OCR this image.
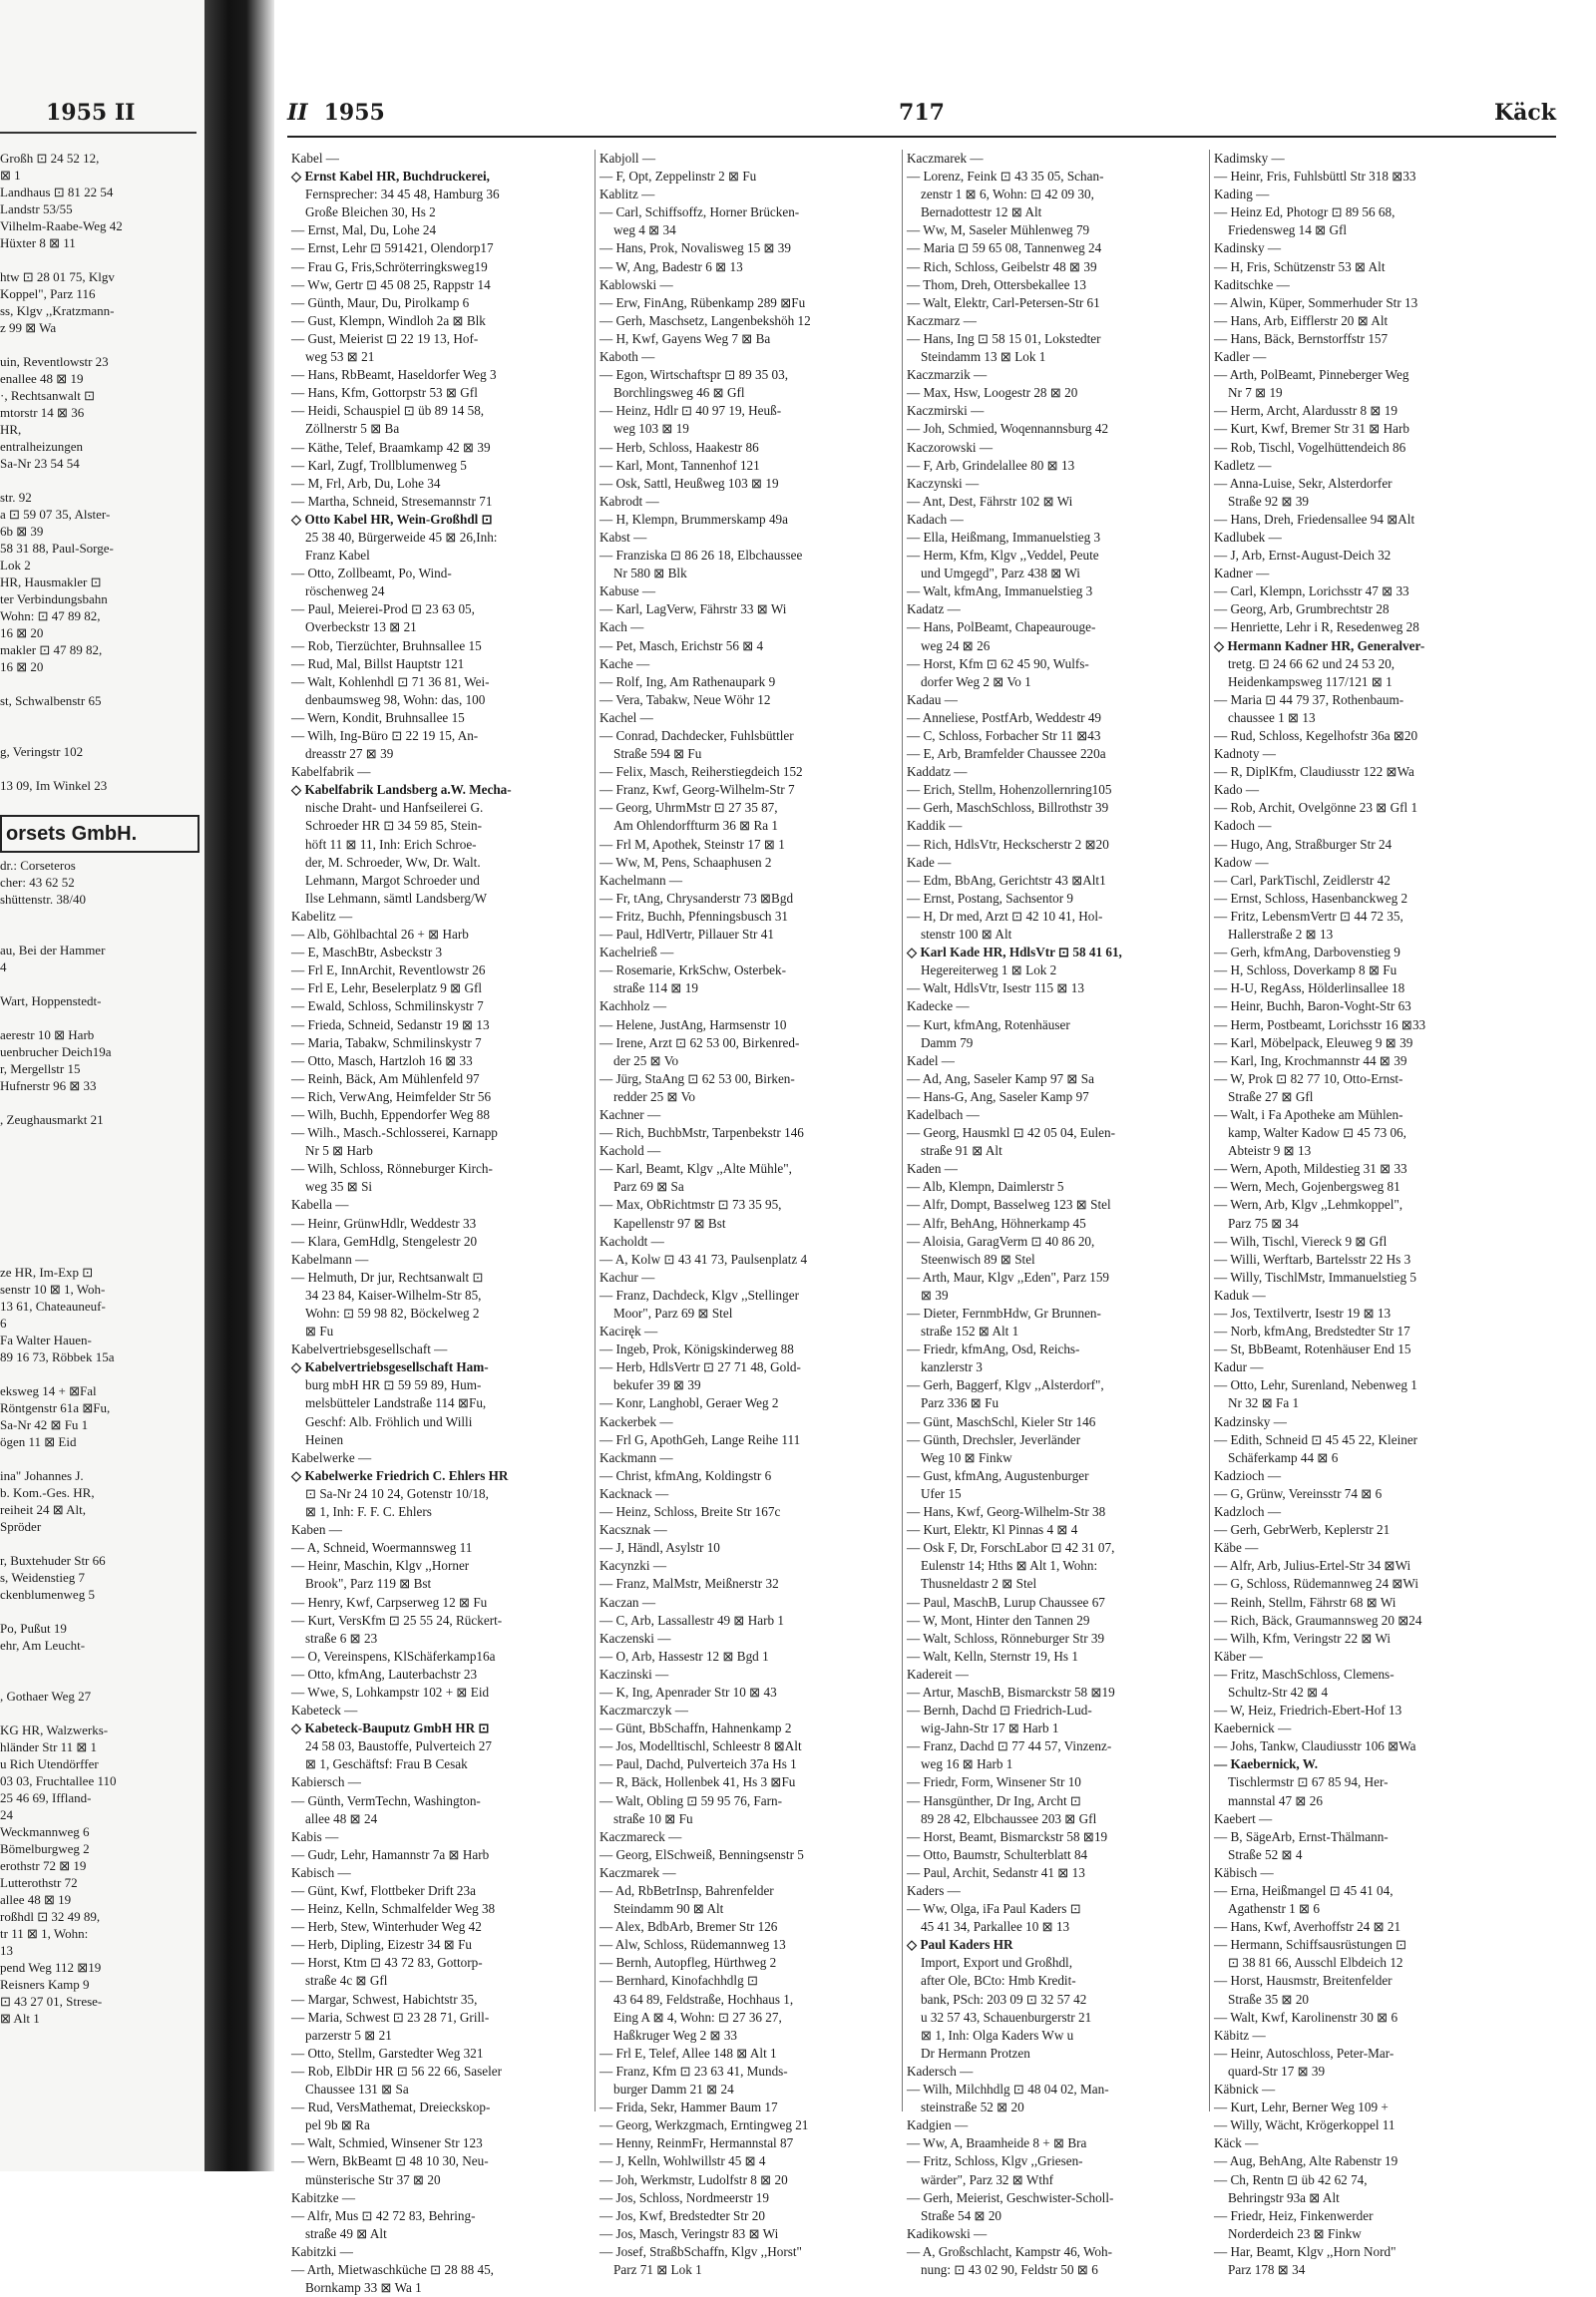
1955 II
Großh ⊡ 24 52 12,
⊠ 1
Landhaus ⊡ 81 22 54
Landstr 53/55
Vilhelm-Raabe-Weg 42
Hüxter 8 ⊠ 11
htw ⊡ 28 01 75, Klgv
Koppel", Parz 116
ss, Klgv ,,Kratzmann-
z 99 ⊠ Wa
uin, Reventlowstr 23
enallee 48 ⊠ 19
·, Rechtsanwalt ⊡
mtorstr 14 ⊠ 36
HR,
entralheizungen
Sa-Nr 23 54 54
str. 92
a ⊡ 59 07 35, Alster-
6b ⊠ 39
58 31 88, Paul-Sorge-
Lok 2
HR, Hausmakler ⊡
ter Verbindungsbahn
Wohn: ⊡ 47 89 82,
16 ⊠ 20
makler ⊡ 47 89 82,
16 ⊠ 20
st, Schwalbenstr 65
g, Veringstr 102
13 09, Im Winkel 23
orsets GmbH.
dr.: Corseteros
cher: 43 62 52
shüttenstr. 38/40
au, Bei der Hammer
4
Wart, Hoppenstedt-
aerestr 10 ⊠ Harb
uenbrucher Deich19a
r, Mergellstr 15
Hufnerstr 96 ⊠ 33
, Zeughausmarkt 21
ze HR, Im-Exp ⊡
senstr 10 ⊠ 1, Woh-
13 61, Chateauneuf-
6
Fa Walter Hauen-
89 16 73, Röbbek 15a
eksweg 14 + ⊠Fal
Röntgenstr 61a ⊠Fu,
Sa-Nr 42 ⊠ Fu 1
ögen 11 ⊠ Eid
ina" Johannes J.
b. Kom.-Ges. HR,
reiheit 24 ⊠ Alt,
Spröder
r, Buxtehuder Str 66
s, Weidenstieg 7
ckenblumenweg 5
Po, Pußut 19
ehr, Am Leucht-
, Gothaer Weg 27
KG HR, Walzwerks-
hländer Str 11 ⊠ 1
u Rich Utendörffer
03 03, Fruchtallee 110
25 46 69, Iffland-
24
Weckmannweg 6
Bömelburgweg 2
erothstr 72 ⊠ 19
Lutterothstr 72
allee 48 ⊠ 19
roßhdl ⊡ 32 49 89,
tr 11 ⊠ 1, Wohn:
13
pend Weg 112 ⊠19
Reisners Kamp 9
⊡ 43 27 01, Strese-
⊠ Alt 1
II 1955	717	Käck
Kabel —
◇ Ernst Kabel HR, Buchdruckerei,
Fernsprecher: 34 45 48, Hamburg 36
Große Bleichen 30, Hs 2
— Ernst, Mal, Du, Lohe 24
— Ernst, Lehr ⊡ 591421, Olendorp17
— Frau G, Fris,Schröterringksweg19
— Ww, Gertr ⊡ 45 08 25, Rappstr 14
— Günth, Maur, Du, Pirolkamp 6
— Gust, Klempn, Windloh 2a ⊠ Blk
— Gust, Meierist ⊡ 22 19 13, Hof-
weg 53 ⊠ 21
— Hans, RbBeamt, Haseldorfer Weg 3
— Hans, Kfm, Gottorpstr 53 ⊠ Gfl
— Heidi, Schauspiel ⊡ üb 89 14 58,
Zöllnerstr 5 ⊠ Ba
— Käthe, Telef, Braamkamp 42 ⊠ 39
— Karl, Zugf, Trollblumenweg 5
— M, Frl, Arb, Du, Lohe 34
— Martha, Schneid, Stresemannstr 71
◇ Otto Kabel HR, Wein-Großhdl ⊡
25 38 40, Bürgerweide 45 ⊠ 26,Inh:
Franz Kabel
— Otto, Zollbeamt, Po, Wind-
röschenweg 24
— Paul, Meierei-Prod ⊡ 23 63 05,
Overbeckstr 13 ⊠ 21
— Rob, Tierzüchter, Bruhnsallee 15
— Rud, Mal, Billst Hauptstr 121
— Walt, Kohlenhdl ⊡ 71 36 81, Wei-
denbaumsweg 98, Wohn: das, 100
— Wern, Kondit, Bruhnsallee 15
— Wilh, Ing-Büro ⊡ 22 19 15, An-
dreasstr 27 ⊠ 39
Kabelfabrik —
◇ Kabelfabrik Landsberg a.W. Mecha-
nische Draht- und Hanfseilerei G.
Schroeder HR ⊡ 34 59 85, Stein-
höft 11 ⊠ 11, Inh: Erich Schroe-
der, M. Schroeder, Ww, Dr. Walt.
Lehmann, Margot Schroeder und
Ilse Lehmann, sämtl Landsberg/W
Kabelitz —
— Alb, Göhlbachtal 26 + ⊠ Harb
— E, MaschBtr, Asbeckstr 3
— Frl E, InnArchit, Reventlowstr 26
— Frl E, Lehr, Beselerplatz 9 ⊠ Gfl
— Ewald, Schloss, Schmilinskystr 7
— Frieda, Schneid, Sedanstr 19 ⊠ 13
— Maria, Tabakw, Schmilinskystr 7
— Otto, Masch, Hartzloh 16 ⊠ 33
— Reinh, Bäck, Am Mühlenfeld 97
— Rich, VerwAng, Heimfelder Str 56
— Wilh, Buchh, Eppendorfer Weg 88
— Wilh., Masch.-Schlosserei, Karnapp
Nr 5 ⊠ Harb
— Wilh, Schloss, Rönneburger Kirch-
weg 35 ⊠ Si
Kabella —
— Heinr, GrünwHdlr, Weddestr 33
— Klara, GemHdlg, Stengelestr 20
Kabelmann —
— Helmuth, Dr jur, Rechtsanwalt ⊡
34 23 84, Kaiser-Wilhelm-Str 85,
Wohn: ⊡ 59 98 82, Böckelweg 2
⊠ Fu
Kabelvertriebsgesellschaft —
◇ Kabelvertriebsgesellschaft Ham-
burg mbH HR ⊡ 59 59 89, Hum-
melsbütteler Landstraße 114 ⊠Fu,
Geschf: Alb. Fröhlich und Willi
Heinen
Kabelwerke —
◇ Kabelwerke Friedrich C. Ehlers HR
⊡ Sa-Nr 24 10 24, Gotenstr 10/18,
⊠ 1, Inh: F. F. C. Ehlers
Kaben —
— A, Schneid, Woermannsweg 11
— Heinr, Maschin, Klgv ,,Horner
Brook", Parz 119 ⊠ Bst
— Henry, Kwf, Carpserweg 12 ⊠ Fu
— Kurt, VersKfm ⊡ 25 55 24, Rückert-
straße 6 ⊠ 23
— O, Vereinspens, KlSchäferkamp16a
— Otto, kfmAng, Lauterbachstr 23
— Wwe, S, Lohkampstr 102 + ⊠ Eid
Kabeteck —
◇ Kabeteck-Bauputz GmbH HR ⊡
24 58 03, Baustoffe, Pulverteich 27
⊠ 1, Geschäftsf: Frau B Cesak
Kabiersch —
— Günth, VermTechn, Washington-
allee 48 ⊠ 24
Kabis —
— Gudr, Lehr, Hamannstr 7a ⊠ Harb
Kabisch —
— Günt, Kwf, Flottbeker Drift 23a
— Heinz, Kelln, Schmalfelder Weg 38
— Herb, Stew, Winterhuder Weg 42
— Herb, Dipling, Eizestr 34 ⊠ Fu
— Horst, Ktm ⊡ 43 72 83, Gottorp-
straße 4c ⊠ Gfl
— Margar, Schwest, Habichtstr 35,
— Maria, Schwest ⊡ 23 28 71, Grill-
parzerstr 5 ⊠ 21
— Otto, Stellm, Garstedter Weg 321
— Rob, ElbDir HR ⊡ 56 22 66, Saseler
Chaussee 131 ⊠ Sa
— Rud, VersMathemat, Dreieckskop-
pel 9b ⊠ Ra
— Walt, Schmied, Winsener Str 123
— Wern, BkBeamt ⊡ 48 10 30, Neu-
münsterische Str 37 ⊠ 20
Kabitzke —
— Alfr, Mus ⊡ 42 72 83, Behring-
straße 49 ⊠ Alt
Kabitzki —
— Arth, Mietwaschküche ⊡ 28 88 45,
Bornkamp 33 ⊠ Wa 1
Kabjoll —
— F, Opt, Zeppelinstr 2 ⊠ Fu
Kablitz —
— Carl, Schiffsoffz, Horner Brücken-
weg 4 ⊠ 34
— Hans, Prok, Novalisweg 15 ⊠ 39
— W, Ang, Badestr 6 ⊠ 13
Kablowski —
— Erw, FinAng, Rübenkamp 289 ⊠Fu
— Gerh, Maschsetz, Langenbekshöh 12
— H, Kwf, Gayens Weg 7 ⊠ Ba
Kaboth —
— Egon, Wirtschaftspr ⊡ 89 35 03,
Borchlingsweg 46 ⊠ Gfl
— Heinz, Hdlr ⊡ 40 97 19, Heuß-
weg 103 ⊠ 19
— Herb, Schloss, Haakestr 86
— Karl, Mont, Tannenhof 121
— Osk, Sattl, Heußweg 103 ⊠ 19
Kabrodt —
— H, Klempn, Brummerskamp 49a
Kabst —
— Franziska ⊡ 86 26 18, Elbchaussee
Nr 580 ⊠ Blk
Kabuse —
— Karl, LagVerw, Fährstr 33 ⊠ Wi
Kach —
— Pet, Masch, Erichstr 56 ⊠ 4
Kache —
— Rolf, Ing, Am Rathenaupark 9
— Vera, Tabakw, Neue Wöhr 12
Kachel —
— Conrad, Dachdecker, Fuhlsbüttler
Straße 594 ⊠ Fu
— Felix, Masch, Reiherstiegdeich 152
— Franz, Kwf, Georg-Wilhelm-Str 7
— Georg, UhrmMstr ⊡ 27 35 87,
Am Ohlendorffturm 36 ⊠ Ra 1
— Frl M, Apothek, Steinstr 17 ⊠ 1
— Ww, M, Pens, Schaaphusen 2
Kachelmann —
— Fr, tAng, Chrysanderstr 73 ⊠Bgd
— Fritz, Buchh, Pfenningsbusch 31
— Paul, HdlVertr, Pillauer Str 41
Kachelrieß —
— Rosemarie, KrkSchw, Osterbek-
straße 114 ⊠ 19
Kachholz —
— Helene, JustAng, Harmsenstr 10
— Irene, Arzt ⊡ 62 53 00, Birkenred-
der 25 ⊠ Vo
— Jürg, StaAng ⊡ 62 53 00, Birken-
redder 25 ⊠ Vo
Kachner —
— Rich, BuchbMstr, Tarpenbekstr 146
Kachold —
— Karl, Beamt, Klgv ,,Alte Mühle",
Parz 69 ⊠ Sa
— Max, ObRichtmstr ⊡ 73 35 95,
Kapellenstr 97 ⊠ Bst
Kacholdt —
— A, Kolw ⊡ 43 41 73, Paulsenplatz 4
Kachur —
— Franz, Dachdeck, Klgv ,,Stellinger
Moor", Parz 69 ⊠ Stel
Kaciręk —
— Ingeb, Prok, Königskinderweg 88
— Herb, HdlsVertr ⊡ 27 71 48, Gold-
bekufer 39 ⊠ 39
— Konr, Langhobl, Geraer Weg 2
Kackerbek —
— Frl G, ApothGeh, Lange Reihe 111
Kackmann —
— Christ, kfmAng, Koldingstr 6
Kacknack —
— Heinz, Schloss, Breite Str 167c
Kacsznak —
— J, Händl, Asylstr 10
Kacynzki —
— Franz, MalMstr, Meißnerstr 32
Kaczan —
— C, Arb, Lassallestr 49 ⊠ Harb 1
Kaczenski —
— O, Arb, Hassestr 12 ⊠ Bgd 1
Kaczinski —
— K, Ing, Apenrader Str 10 ⊠ 43
Kaczmarczyk —
— Günt, BbSchaffn, Hahnenkamp 2
— Jos, Modelltischl, Schleestr 8 ⊠Alt
— Paul, Dachd, Pulverteich 37a Hs 1
— R, Bäck, Hollenbek 41, Hs 3 ⊠Fu
— Walt, Obling ⊡ 59 95 76, Farn-
straße 10 ⊠ Fu
Kaczmareck —
— Georg, ElSchweiß, Benningsenstr 5
Kaczmarek —
— Ad, RbBetrInsp, Bahrenfelder
Steindamm 90 ⊠ Alt
— Alex, BdbArb, Bremer Str 126
— Alw, Schloss, Rüdemannweg 13
— Bernh, Autopfleg, Hürthweg 2
— Bernhard, Kinofachhdlg ⊡
43 64 89, Feldstraße, Hochhaus 1,
Eing A ⊠ 4, Wohn: ⊡ 27 36 27,
Haßkruger Weg 2 ⊠ 33
— Frl E, Telef, Allee 148 ⊠ Alt 1
— Franz, Kfm ⊡ 23 63 41, Munds-
burger Damm 21 ⊠ 24
— Frida, Sekr, Hammer Baum 17
— Georg, Werkzgmach, Erntingweg 21
— Henny, ReinmFr, Hermannstal 87
— J, Kelln, Wohlwillstr 45 ⊠ 4
— Joh, Werkmstr, Ludolfstr 8 ⊠ 20
— Jos, Schloss, Nordmeerstr 19
— Jos, Kwf, Bredstedter Str 20
— Jos, Masch, Veringstr 83 ⊠ Wi
— Josef, StraßbSchaffn, Klgv ,,Horst"
Parz 71 ⊠ Lok 1
Kaczmarek —
— Lorenz, Feink ⊡ 43 35 05, Schan-
zenstr 1 ⊠ 6, Wohn: ⊡ 42 09 30,
Bernadottestr 12 ⊠ Alt
— Ww, M, Saseler Mühlenweg 79
— Maria ⊡ 59 65 08, Tannenweg 24
— Rich, Schloss, Geibelstr 48 ⊠ 39
— Thom, Dreh, Ottersbekallee 13
— Walt, Elektr, Carl-Petersen-Str 61
Kaczmarz —
— Hans, Ing ⊡ 58 15 01, Lokstedter
Steindamm 13 ⊠ Lok 1
Kaczmarzik —
— Max, Hsw, Loogestr 28 ⊠ 20
Kaczmirski —
— Joh, Schmied, Woqennannsburg 42
Kaczorowski —
— F, Arb, Grindelallee 80 ⊠ 13
Kaczynski —
— Ant, Dest, Fährstr 102 ⊠ Wi
Kadach —
— Ella, Heißmang, Immanuelstieg 3
— Herm, Kfm, Klgv ,,Veddel, Peute
und Umgegd", Parz 438 ⊠ Wi
— Walt, kfmAng, Immanuelstieg 3
Kadatz —
— Hans, PolBeamt, Chapeaurouge-
weg 24 ⊠ 26
— Horst, Kfm ⊡ 62 45 90, Wulfs-
dorfer Weg 2 ⊠ Vo 1
Kadau —
— Anneliese, PostfArb, Weddestr 49
— C, Schloss, Forbacher Str 11 ⊠43
— E, Arb, Bramfelder Chaussee 220a
Kaddatz —
— Erich, Stellm, Hohenzollernring105
— Gerh, MaschSchloss, Billrothstr 39
Kaddik —
— Rich, HdlsVtr, Heckscherstr 2 ⊠20
Kade —
— Edm, BbAng, Gerichtstr 43 ⊠Alt1
— Ernst, Postang, Sachsentor 9
— H, Dr med, Arzt ⊡ 42 10 41, Hol-
stenstr 100 ⊠ Alt
◇ Karl Kade HR, HdlsVtr ⊡ 58 41 61,
Hegereiterweg 1 ⊠ Lok 2
— Walt, HdlsVtr, Isestr 115 ⊠ 13
Kadecke —
— Kurt, kfmAng, Rotenhäuser
Damm 79
Kadel —
— Ad, Ang, Saseler Kamp 97 ⊠ Sa
— Hans-G, Ang, Saseler Kamp 97
Kadelbach —
— Georg, Hausmkl ⊡ 42 05 04, Eulen-
straße 91 ⊠ Alt
Kaden —
— Alb, Klempn, Daimlerstr 5
— Alfr, Dompt, Basselweg 123 ⊠ Stel
— Alfr, BehAng, Höhnerkamp 45
— Aloisia, GaragVerm ⊡ 40 86 20,
Steenwisch 89 ⊠ Stel
— Arth, Maur, Klgv ,,Eden", Parz 159
⊠ 39
— Dieter, FernmbHdw, Gr Brunnen-
straße 152 ⊠ Alt 1
— Friedr, kfmAng, Osd, Reichs-
kanzlerstr 3
— Gerh, Baggerf, Klgv ,,Alsterdorf",
Parz 336 ⊠ Fu
— Günt, MaschSchl, Kieler Str 146
— Günth, Drechsler, Jeverländer
Weg 10 ⊠ Finkw
— Gust, kfmAng, Augustenburger
Ufer 15
— Hans, Kwf, Georg-Wilhelm-Str 38
— Kurt, Elektr, Kl Pinnas 4 ⊠ 4
— Osk F, Dr, ForschLabor ⊡ 42 31 07,
Eulenstr 14; Hths ⊠ Alt 1, Wohn:
Thusneldastr 2 ⊠ Stel
— Paul, MaschB, Lurup Chaussee 67
— W, Mont, Hinter den Tannen 29
— Walt, Schloss, Rönneburger Str 39
— Walt, Kelln, Sternstr 19, Hs 1
Kadereit —
— Artur, MaschB, Bismarckstr 58 ⊠19
— Bernh, Dachd ⊡ Friedrich-Lud-
wig-Jahn-Str 17 ⊠ Harb 1
— Franz, Dachd ⊡ 77 44 57, Vinzenz-
weg 16 ⊠ Harb 1
— Friedr, Form, Winsener Str 10
— Hansgünther, Dr Ing, Archt ⊡
89 28 42, Elbchaussee 203 ⊠ Gfl
— Horst, Beamt, Bismarckstr 58 ⊠19
— Otto, Baumstr, Schulterblatt 84
— Paul, Archit, Sedanstr 41 ⊠ 13
Kaders —
— Ww, Olga, iFa Paul Kaders ⊡
45 41 34, Parkallee 10 ⊠ 13
◇ Paul Kaders HR
Import, Export und Großhdl,
after Ole, BCto: Hmb Kredit-
bank, PSch: 203 09 ⊡ 32 57 42
u 32 57 43, Schauenburgerstr 21
⊠ 1, Inh: Olga Kaders Ww u
Dr Hermann Protzen
Kadersch —
— Wilh, Milchhdlg ⊡ 48 04 02, Man-
steinstraße 52 ⊠ 20
Kadgien —
— Ww, A, Braamheide 8 + ⊠ Bra
— Fritz, Schloss, Klgv ,,Griesen-
wärder", Parz 32 ⊠ Wthf
— Gerh, Meierist, Geschwister-Scholl-
Straße 54 ⊠ 20
Kadikowski —
— A, Großschlacht, Kampstr 46, Woh-
nung: ⊡ 43 02 90, Feldstr 50 ⊠ 6
Kadimsky —
— Heinr, Fris, Fuhlsbüttl Str 318 ⊠33
Kading —
— Heinz Ed, Photogr ⊡ 89 56 68,
Friedensweg 14 ⊠ Gfl
Kadinsky —
— H, Fris, Schützenstr 53 ⊠ Alt
Kaditschke —
— Alwin, Küper, Sommerhuder Str 13
— Hans, Arb, Eifflerstr 20 ⊠ Alt
— Hans, Bäck, Bernstorffstr 157
Kadler —
— Arth, PolBeamt, Pinneberger Weg
Nr 7 ⊠ 19
— Herm, Archt, Alardusstr 8 ⊠ 19
— Kurt, Kwf, Bremer Str 31 ⊠ Harb
— Rob, Tischl, Vogelhüttendeich 86
Kadletz —
— Anna-Luise, Sekr, Alsterdorfer
Straße 92 ⊠ 39
— Hans, Dreh, Friedensallee 94 ⊠Alt
Kadlubek —
— J, Arb, Ernst-August-Deich 32
Kadner —
— Carl, Klempn, Lorichsstr 47 ⊠ 33
— Georg, Arb, Grumbrechtstr 28
— Henriette, Lehr i R, Resedenweg 28
◇ Hermann Kadner HR, Generalver-
tretg. ⊡ 24 66 62 und 24 53 20,
Heidenkampsweg 117/121 ⊠ 1
— Maria ⊡ 44 79 37, Rothenbaum-
chaussee 1 ⊠ 13
— Rud, Schloss, Kegelhofstr 36a ⊠20
Kadnoty —
— R, DiplKfm, Claudiusstr 122 ⊠Wa
Kado —
— Rob, Archit, Ovelgönne 23 ⊠ Gfl 1
Kadoch —
— Hugo, Ang, Straßburger Str 24
Kadow —
— Carl, ParkTischl, Zeidlerstr 42
— Ernst, Schloss, Hasenbanckweg 2
— Fritz, LebensmVertr ⊡ 44 72 35,
Hallerstraße 2 ⊠ 13
— Gerh, kfmAng, Darbovenstieg 9
— H, Schloss, Doverkamp 8 ⊠ Fu
— H-U, RegAss, Hölderlinsallee 18
— Heinr, Buchh, Baron-Voght-Str 63
— Herm, Postbeamt, Lorichsstr 16 ⊠33
— Karl, Möbelpack, Eleuweg 9 ⊠ 39
— Karl, Ing, Krochmannstr 44 ⊠ 39
— W, Prok ⊡ 82 77 10, Otto-Ernst-
Straße 27 ⊠ Gfl
— Walt, i Fa Apotheke am Mühlen-
kamp, Walter Kadow ⊡ 45 73 06,
Abteistr 9 ⊠ 13
— Wern, Apoth, Mildestieg 31 ⊠ 33
— Wern, Mech, Gojenbergsweg 81
— Wern, Arb, Klgv ,,Lehmkoppel",
Parz 75 ⊠ 34
— Wilh, Tischl, Viereck 9 ⊠ Gfl
— Willi, Werftarb, Bartelsstr 22 Hs 3
— Willy, TischlMstr, Immanuelstieg 5
Kaduk —
— Jos, Textilvertr, Isestr 19 ⊠ 13
— Norb, kfmAng, Bredstedter Str 17
— St, BbBeamt, Rotenhäuser End 15
Kadur —
— Otto, Lehr, Surenland, Nebenweg 1
Nr 32 ⊠ Fa 1
Kadzinsky —
— Edith, Schneid ⊡ 45 45 22, Kleiner
Schäferkamp 44 ⊠ 6
Kadzioch —
— G, Grünw, Vereinsstr 74 ⊠ 6
Kadzloch —
— Gerh, GebrWerb, Keplerstr 21
Käbe —
— Alfr, Arb, Julius-Ertel-Str 34 ⊠Wi
— G, Schloss, Rüdemannweg 24 ⊠Wi
— Reinh, Stellm, Fährstr 68 ⊠ Wi
— Rich, Bäck, Graumannsweg 20 ⊠24
— Wilh, Kfm, Veringstr 22 ⊠ Wi
Käber —
— Fritz, MaschSchloss, Clemens-
Schultz-Str 42 ⊠ 4
— W, Heiz, Friedrich-Ebert-Hof 13
Kaebernick —
— Johs, Tankw, Claudiusstr 106 ⊠Wa
— Kaebernick, W.
Tischlermstr ⊡ 67 85 94, Her-
mannstal 47 ⊠ 26
Kaebert —
— B, SägeArb, Ernst-Thälmann-
Straße 52 ⊠ 4
Käbisch —
— Erna, Heißmangel ⊡ 45 41 04,
Agathenstr 1 ⊠ 6
— Hans, Kwf, Averhoffstr 24 ⊠ 21
— Hermann, Schiffsausrüstungen ⊡
⊡ 38 81 66, Ausschl Elbdeich 12
— Horst, Hausmstr, Breitenfelder
Straße 35 ⊠ 20
— Walt, Kwf, Karolinenstr 30 ⊠ 6
Käbitz —
— Heinr, Autoschloss, Peter-Mar-
quard-Str 17 ⊠ 39
Käbnick —
— Kurt, Lehr, Berner Weg 109 +
— Willy, Wächt, Krögerkoppel 11
Käck —
— Aug, BehAng, Alte Rabenstr 19
— Ch, Rentn ⊡ üb 42 62 74,
Behringstr 93a ⊠ Alt
— Friedr, Heiz, Finkenwerder
Norderdeich 23 ⊠ Finkw
— Har, Beamt, Klgv ,,Horn Nord"
Parz 178 ⊠ 34
